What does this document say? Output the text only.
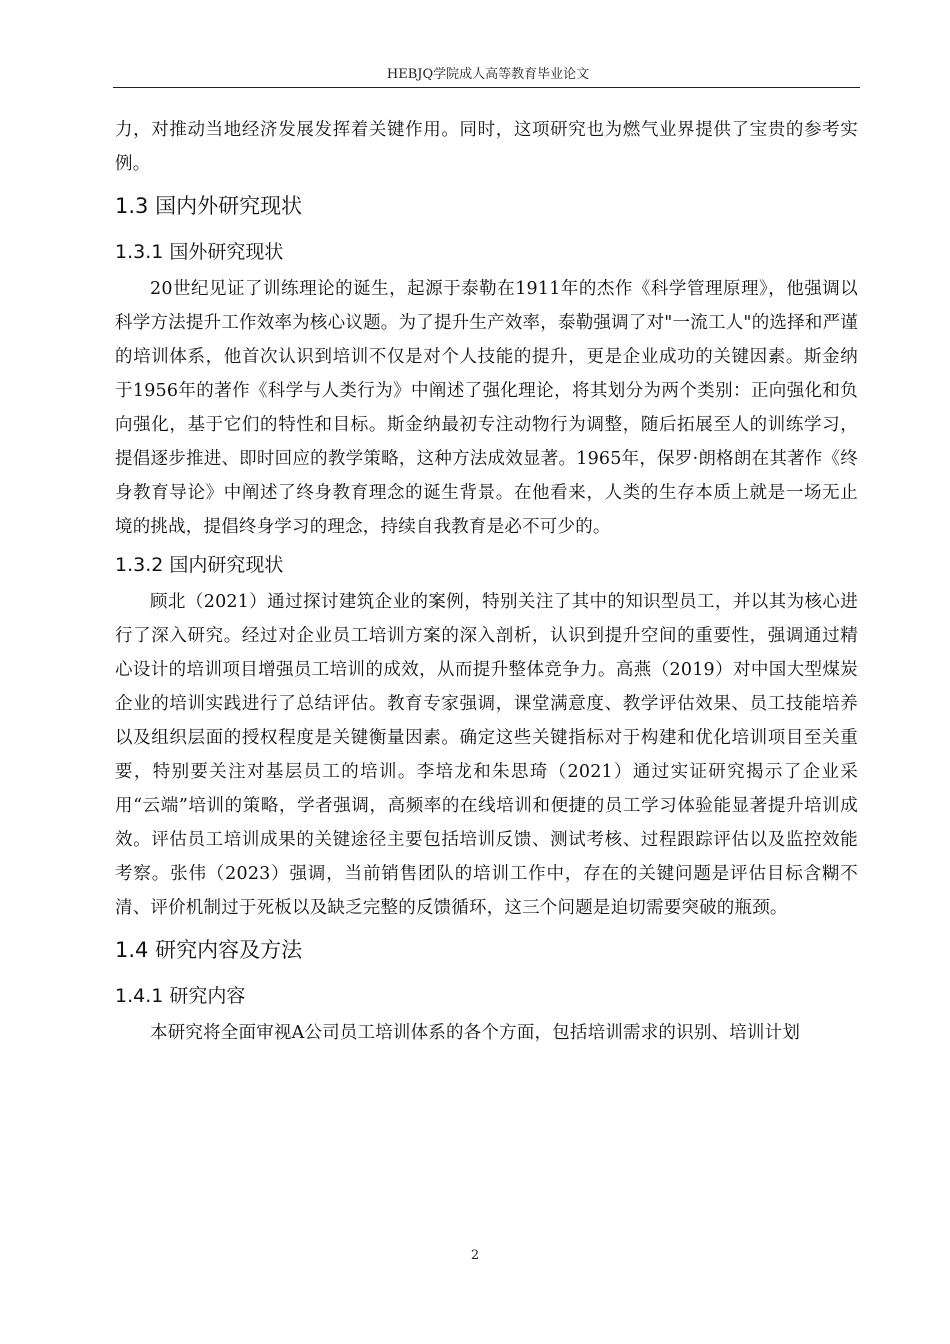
HEBJQ学院成人高等教育毕业论文

力，对推动当地经济发展发挥着关键作用。同时，这项研究也为燃气业界提供了宝贵的参考实例。

1.3 国内外研究现状
1.3.1 国外研究现状

20世纪见证了训练理论的诞生，起源于泰勒在1911年的杰作《科学管理原理》，他强调以科学方法提升工作效率为核心议题。为了提升生产效率，泰勒强调了对"一流工人"的选择和严谨的培训体系，他首次认识到培训不仅是对个人技能的提升，更是企业成功的关键因素。斯金纳于1956年的著作《科学与人类行为》中阐述了强化理论，将其划分为两个类别：正向强化和负向强化，基于它们的特性和目标。斯金纳最初专注动物行为调整，随后拓展至人的训练学习，提倡逐步推进、即时回应的教学策略，这种方法成效显著。1965年，保罗·朗格朗在其著作《终身教育导论》中阐述了终身教育理念的诞生背景。在他看来，人类的生存本质上就是一场无止境的挑战，提倡终身学习的理念，持续自我教育是必不可少的。

1.3.2 国内研究现状

顾北（2021）通过探讨建筑企业的案例，特别关注了其中的知识型员工，并以其为核心进行了深入研究。经过对企业员工培训方案的深入剖析，认识到提升空间的重要性，强调通过精心设计的培训项目增强员工培训的成效，从而提升整体竞争力。高燕（2019）对中国大型煤炭企业的培训实践进行了总结评估。教育专家强调，课堂满意度、教学评估效果、员工技能培养以及组织层面的授权程度是关键衡量因素。确定这些关键指标对于构建和优化培训项目至关重要，特别要关注对基层员工的培训。李培龙和朱思琦（2021）通过实证研究揭示了企业采用“云端”培训的策略，学者强调，高频率的在线培训和便捷的员工学习体验能显著提升培训成效。评估员工培训成果的关键途径主要包括培训反馈、测试考核、过程跟踪评估以及监控效能考察。张伟（2023）强调，当前销售团队的培训工作中，存在的关键问题是评估目标含糊不清、评价机制过于死板以及缺乏完整的反馈循环，这三个问题是迫切需要突破的瓶颈。

1.4 研究内容及方法
1.4.1 研究内容

本研究将全面审视A公司员工培训体系的各个方面，包括培训需求的识别、培训计划

2
